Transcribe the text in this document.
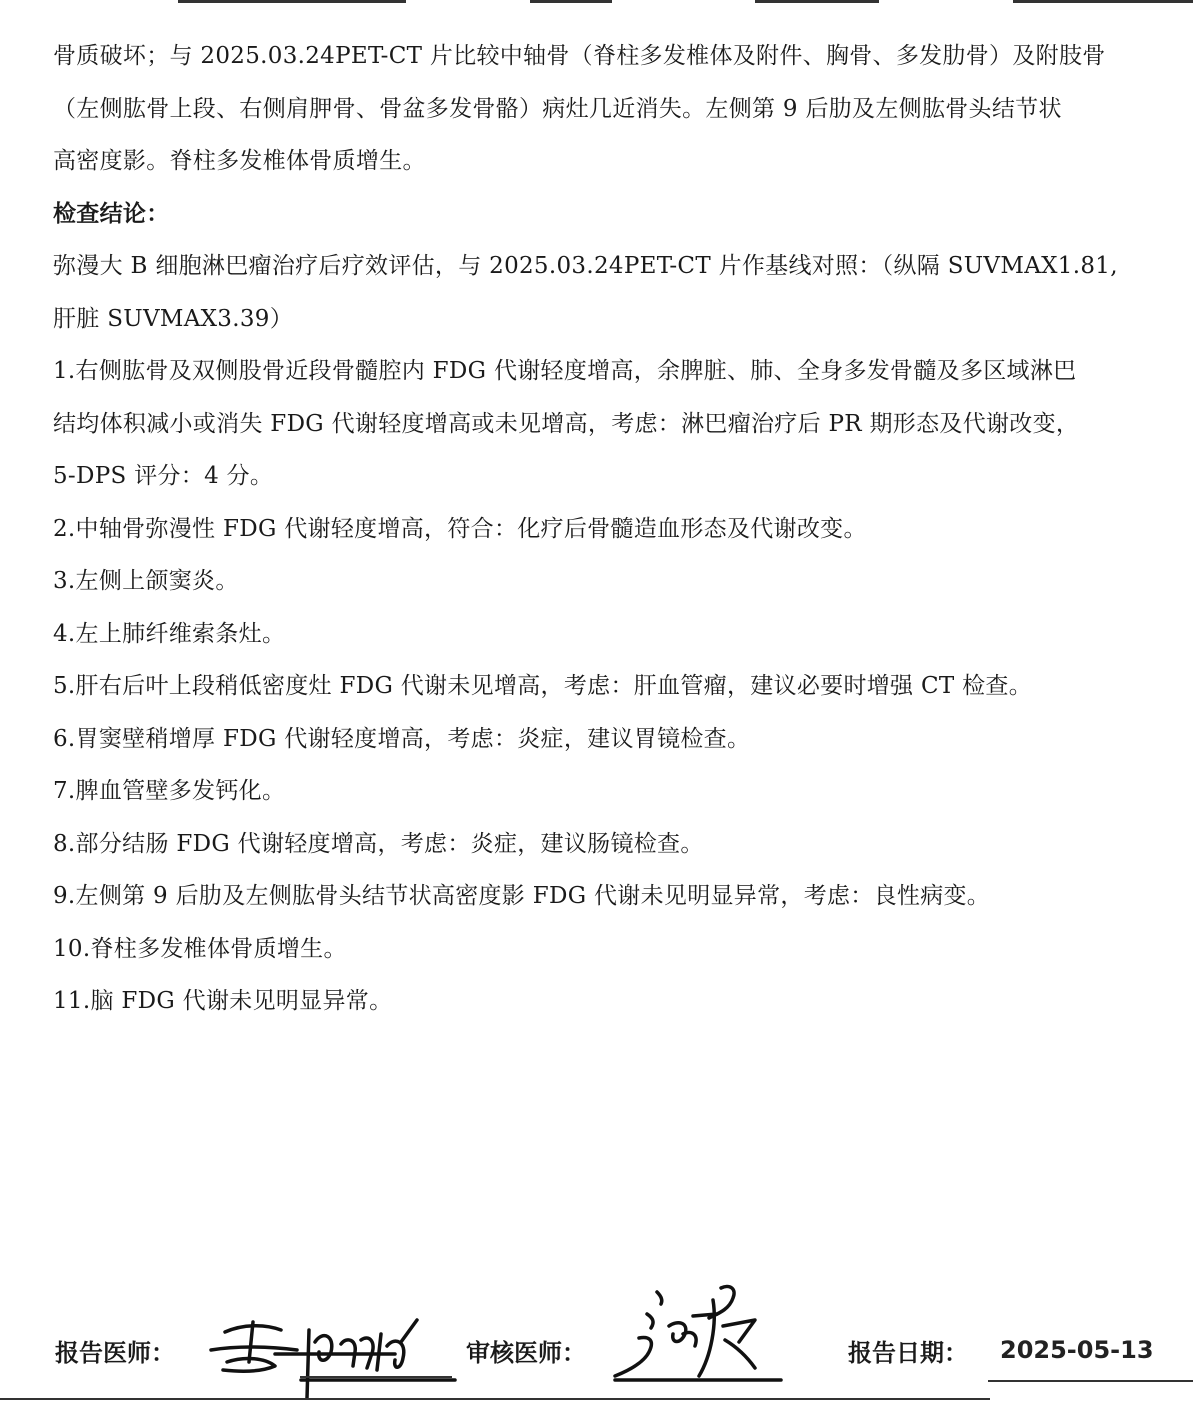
骨质破坏；与 2025.03.24PET-CT 片比较中轴骨（脊柱多发椎体及附件、胸骨、多发肋骨）及附肢骨

（左侧肱骨上段、右侧肩胛骨、骨盆多发骨骼）病灶几近消失。左侧第 9 后肋及左侧肱骨头结节状

高密度影。脊柱多发椎体骨质增生。

检查结论：

弥漫大 B 细胞淋巴瘤治疗后疗效评估，与 2025.03.24PET-CT 片作基线对照：（纵隔 SUVMAX1.81,

肝脏 SUVMAX3.39）

1.右侧肱骨及双侧股骨近段骨髓腔内 FDG 代谢轻度增高，余脾脏、肺、全身多发骨髓及多区域淋巴

结均体积减小或消失 FDG 代谢轻度增高或未见增高，考虑：淋巴瘤治疗后 PR 期形态及代谢改变，

5-DPS 评分：4 分。

2.中轴骨弥漫性 FDG 代谢轻度增高，符合：化疗后骨髓造血形态及代谢改变。

3.左侧上颌窦炎。

4.左上肺纤维索条灶。

5.肝右后叶上段稍低密度灶 FDG 代谢未见增高，考虑：肝血管瘤，建议必要时增强 CT 检查。

6.胃窦壁稍增厚 FDG 代谢轻度增高，考虑：炎症，建议胃镜检查。

7.脾血管壁多发钙化。

8.部分结肠 FDG 代谢轻度增高，考虑：炎症，建议肠镜检查。

9.左侧第 9 后肋及左侧肱骨头结节状高密度影 FDG 代谢未见明显异常，考虑：良性病变。

10.脊柱多发椎体骨质增生。

11.脑 FDG 代谢未见明显异常。

报告医师：	审核医师：	报告日期： 2025-05-13
